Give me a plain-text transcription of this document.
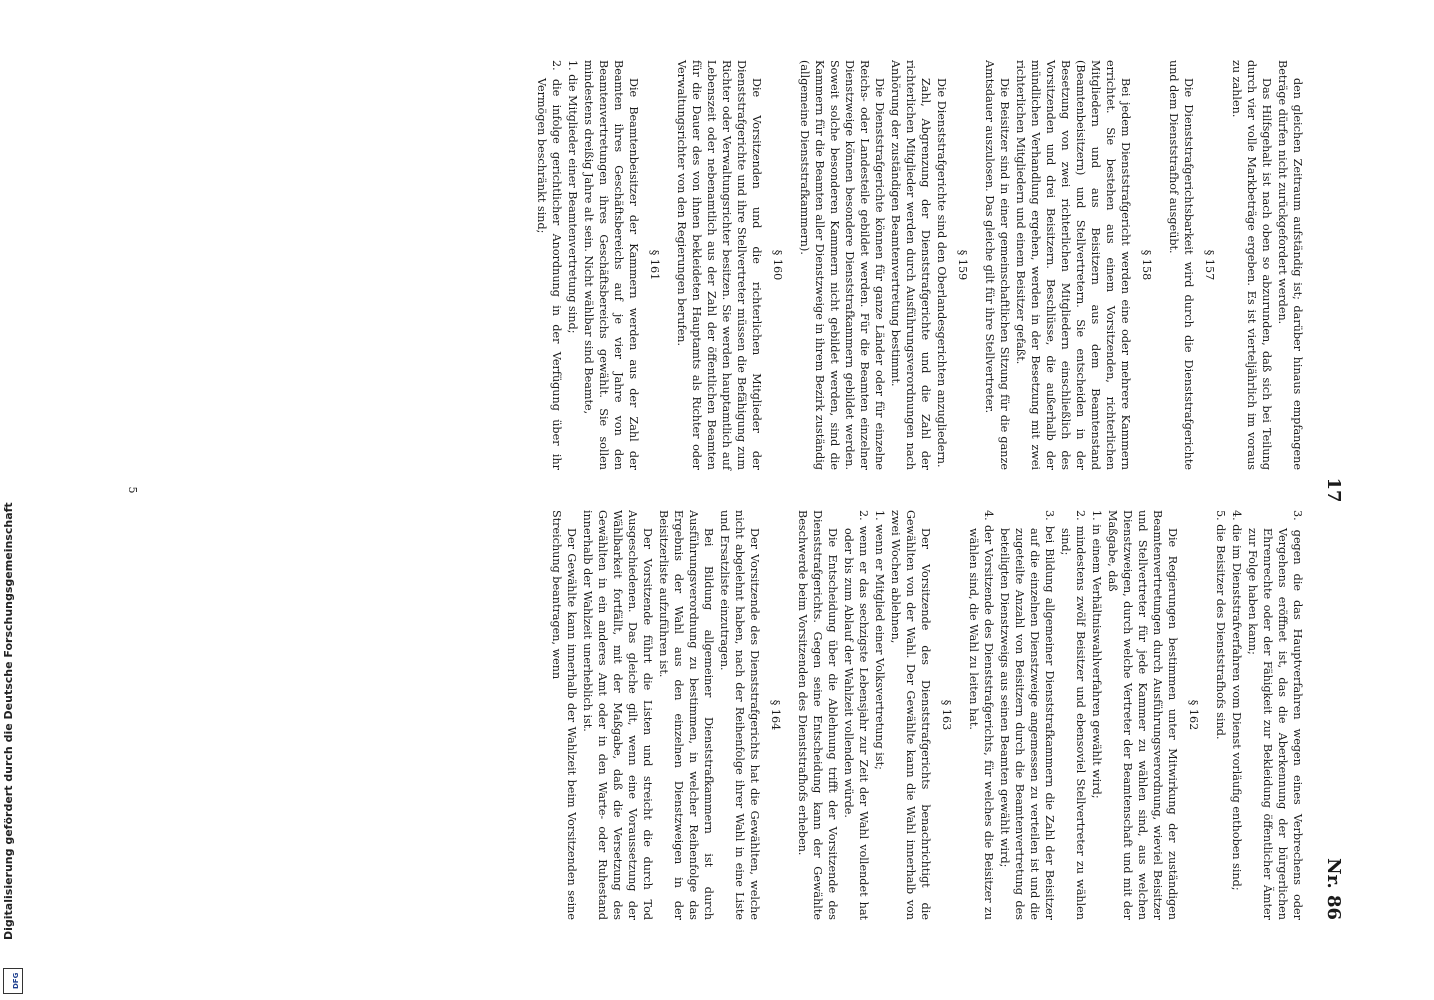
Digitalisierung gefördert durch die Deutsche Forschungsgemeinschaft
DFG
17
Nr. 86

den gleichen Zeitraum aufständig ist; darüber hinaus empfangene Beträge dürfen nicht zurückgefordert werden.

Das Hilfsgehalt ist nach oben so abzurunden, daß sich bei Teilung durch vier volle Markbeträge ergeben. Es ist vierteljährlich im voraus zu zahlen.

§ 157

Die Dienststrafgerichtsbarkeit wird durch die Dienststrafgerichte und dem Dienststrafhof ausgeübt.

§ 158

Bei jedem Dienststrafgericht werden eine oder mehrere Kammern errichtet. Sie bestehen aus einem Vorsitzenden, richterlichen Mitgliedern und aus Beisitzern aus dem Beamtenstand (Beamtenbeisitzern) und Stellvertretern. Sie entscheiden in der Besetzung von zwei richterlichen Mitgliedern einschließlich des Vorsitzenden und drei Beisitzern. Beschlüsse, die außerhalb der mündlichen Verhandlung ergehen, werden in der Besetzung mit zwei richterlichen Mitgliedern und einem Beisitzer gefaßt.

Die Beisitzer sind in einer gemeinschaftlichen Sitzung für die ganze Amtsdauer auszulosen. Das gleiche gilt für ihre Stellvertreter.

§ 159

Die Dienststrafgerichte sind den Oberlandesgerichten anzugliedern.

Zahl, Abgrenzung der Dienststrafgerichte und die Zahl der richterlichen Mitglieder werden durch Ausführungsverordnungen nach Anhörung der zuständigen Beamtenvertretung bestimmt.

Die Dienststrafgerichte können für ganze Länder oder für einzelne Reichs- oder Landesteile gebildet werden. Für die Beamten einzelner Dienstzweige können besondere Dienststrafkammern gebildet werden. Soweit solche besonderen Kammern nicht gebildet werden, sind die Kammern für die Beamten aller Dienstzweige in ihrem Bezirk zuständig (allgemeine Dienststrafkammern).

§ 160

Die Vorsitzenden und die richterlichen Mitglieder der Dienststrafgerichte und ihre Stellvertreter müssen die Befähigung zum Richter oder Verwaltungsrichter besitzen. Sie werden hauptamtlich auf Lebenszeit oder nebenamtlich aus der Zahl der öffentlichen Beamten für die Dauer des von ihnen bekleideten Hauptamts als Richter oder Verwaltungsrichter von den Regierungen berufen.

§ 161

Die Beamtenbeisitzer der Kammern werden aus der Zahl der Beamten ihres Geschäftsbereichs auf je vier Jahre von den Beamtenvertretungen ihres Geschäftsbereichs gewählt. Sie sollen mindestens dreißig Jahre alt sein. Nicht wählbar sind Beamte,

1. die Mitglieder einer Beamtenvertretung sind;

2. die infolge gerichtlicher Anordnung in der Verfügung über ihr Vermögen beschränkt sind;

3. gegen die das Hauptverfahren wegen eines Verbrechens oder Vergehens eröffnet ist, das die Aberkennung der bürgerlichen Ehrenrechte oder der Fähigkeit zur Bekleidung öffentlicher Ämter zur Folge haben kann;

4. die im Dienststrafverfahren vom Dienst vorläufig enthoben sind;

5. die Beisitzer des Dienststrafhofs sind.

§ 162

Die Regierungen bestimmen unter Mitwirkung der zuständigen Beamtenvertretungen durch Ausführungsverordnung, wieviel Beisitzer und Stellvertreter für jede Kammer zu wählen sind, aus welchen Dienstzweigen, durch welche Vertreter der Beamtenschaft und mit der Maßgabe, daß

1. in einem Verhältniswahlverfahren gewählt wird;

2. mindestens zwölf Beisitzer und ebensoviel Stellvertreter zu wählen sind;

3. bei Bildung allgemeiner Dienststrafkammern die Zahl der Beisitzer auf die einzelnen Dienstzweige angemessen zu verteilen ist und die zugeteilte Anzahl von Beisitzern durch die Beamtenvertretung des beteiligten Dienstzweigs aus seinen Beamten gewählt wird;

4. der Vorsitzende des Dienststrafgerichts, für welches die Beisitzer zu wählen sind, die Wahl zu leiten hat.

§ 163

Der Vorsitzende des Dienststrafgerichts benachrichtigt die Gewählten von der Wahl. Der Gewählte kann die Wahl innerhalb von zwei Wochen ablehnen,

1. wenn er Mitglied einer Volksvertretung ist;

2. wenn er das sechzigste Lebensjahr zur Zeit der Wahl vollendet hat oder bis zum Ablauf der Wahlzeit vollenden würde.

Die Entscheidung über die Ablehnung trifft der Vorsitzende des Dienststrafgerichts. Gegen seine Entscheidung kann der Gewählte Beschwerde beim Vorsitzenden des Dienststrafhofs erheben.

§ 164

Der Vorsitzende des Dienststrafgerichts hat die Gewählten, welche nicht abgelehnt haben, nach der Reihenfolge ihrer Wahl in eine Liste und Ersatzliste einzutragen.

Bei Bildung allgemeiner Dienststrafkammern ist durch Ausführungsverordnung zu bestimmen, in welcher Reihenfolge das Ergebnis der Wahl aus den einzelnen Dienstzweigen in der Beisitzerliste aufzuführen ist.

Der Vorsitzende führt die Listen und streicht die durch Tod Ausgeschiedenen. Das gleiche gilt, wenn eine Voraussetzung der Wählbarkeit fortfällt, mit der Maßgabe, daß die Versetzung des Gewählten in ein anderes Amt oder in den Warte- oder Ruhestand innerhalb der Wahlzeit unerheblich ist.

Der Gewählte kann innerhalb der Wahlzeit beim Vorsitzenden seine Streichung beantragen, wenn

5
